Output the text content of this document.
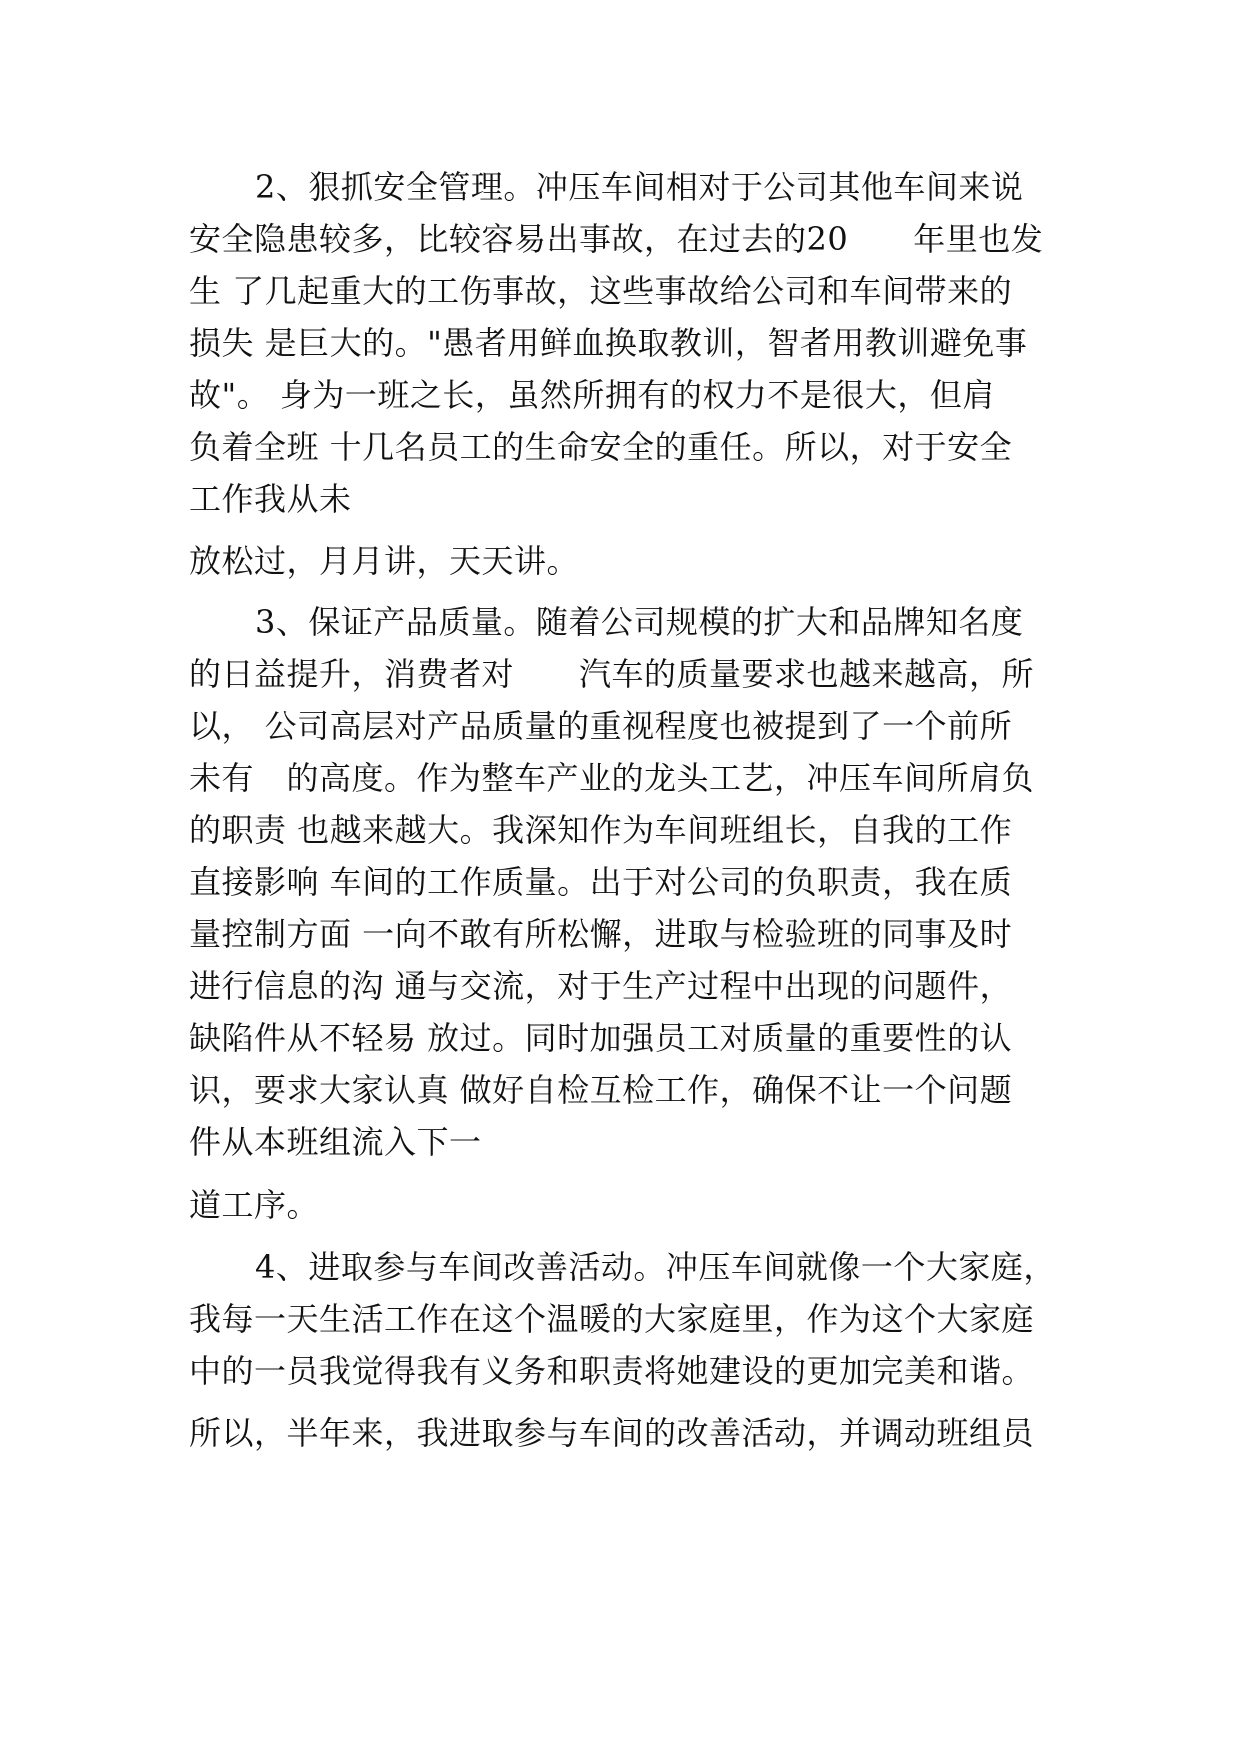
2、狠抓安全管理。冲压车间相对于公司其他车间来说

安全隐患较多，比较容易出事故，在过去的20　　年里也发

生 了几起重大的工伤事故，这些事故给公司和车间带来的

损失 是巨大的。"愚者用鲜血换取教训，智者用教训避免事

故"。 身为一班之长，虽然所拥有的权力不是很大，但肩

负着全班 十几名员工的生命安全的重任。所以，对于安全

工作我从未

放松过，月月讲，天天讲。

3、保证产品质量。随着公司规模的扩大和品牌知名度

的日益提升，消费者对　　汽车的质量要求也越来越高，所

以， 公司高层对产品质量的重视程度也被提到了一个前所

未有　的高度。作为整车产业的龙头工艺，冲压车间所肩负

的职责 也越来越大。我深知作为车间班组长，自我的工作

直接影响 车间的工作质量。出于对公司的负职责，我在质

量控制方面 一向不敢有所松懈，进取与检验班的同事及时

进行信息的沟 通与交流，对于生产过程中出现的问题件，

缺陷件从不轻易 放过。同时加强员工对质量的重要性的认

识，要求大家认真 做好自检互检工作，确保不让一个问题

件从本班组流入下一

道工序。

4、进取参与车间改善活动。冲压车间就像一个大家庭，

我每一天生活工作在这个温暖的大家庭里，作为这个大家庭

中的一员我觉得我有义务和职责将她建设的更加完美和谐。

所以，半年来，我进取参与车间的改善活动，并调动班组员
